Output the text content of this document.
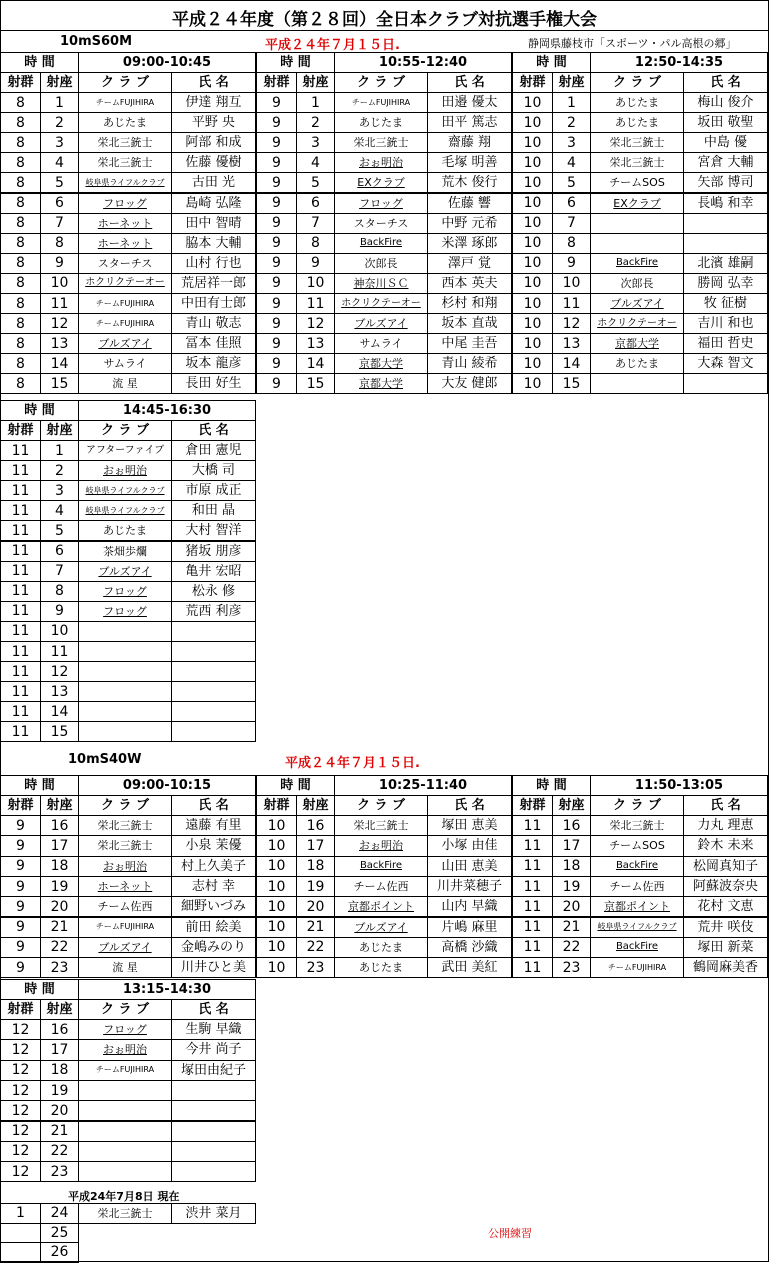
平成２４年度（第２８回）全日本クラブ対抗選手権大会
10mS60M	平成２４年７月１５日.	静岡県藤枝市「スポーツ・パル高根の郷」
10mS40W	平成２４年７月１５日.
平成24年7月8日 現在
公開練習
時 間	09:00-10:45
射群 射座	ク ラ ブ	氏 名
8	1	チームFUJIHIRA	伊達 翔互
8	2	あじたま	平野 央
8	3	栄北三銃士	阿部 和成
8	4	栄北三銃士	佐藤 優樹
8	5	岐阜県ライフルクラブ	古田 光
8	6	フロッグ	島崎 弘隆
8	7	ホーネット	田中 智晴
8	8	ホーネット	脇本 大輔
8	9	スターチス	山村 行也
8	10	ホクリクテーオー	荒居祥一郎
8	11	チームFUJIHIRA	中田有士郎
8	12	チームFUJIHIRA	青山 敬志
8	13	ブルズアイ	冨本 佳照
8	14	サムライ	坂本 龍彦
8	15	流 星	長田 好生
時 間	10:55-12:40
射群 射座	ク ラ ブ	氏 名
9	1	チームFUJIHIRA	田邉 優太
9	2	あじたま	田平 篤志
9	3	栄北三銃士	齋藤 翔
9	4	おぉ明治	毛塚 明善
9	5	EXクラブ	荒木 俊行
9	6	フロッグ	佐藤 響
9	7	スターチス	中野 元希
9	8	BackFire	米澤 琢郎
9	9	次郎長	澤戸 覚
9	10	神奈川ＳＣ	西本 英夫
9	11	ホクリクテーオー	杉村 和翔
9	12	ブルズアイ	坂本 直哉
9	13	サムライ	中尾 圭吾
9	14	京都大学	青山 綾希
9	15	京都大学	大友 健郎
時 間	12:50-14:35
射群 射座	ク ラ ブ	氏 名
10	1	あじたま	梅山 俊介
10	2	あじたま	坂田 敬聖
10	3	栄北三銃士	中島 優
10	4	栄北三銃士	宮倉 大輔
10	5	チームSOS	矢部 博司
10	6	EXクラブ	長嶋 和幸
10	7
10	8
10	9	BackFire	北濱 雄嗣
10	10	次郎長	勝岡 弘幸
10	11	ブルズアイ	牧 征樹
10	12	ホクリクテーオー	吉川 和也
10	13	京都大学	福田 哲史
10	14	あじたま	大森 智文
10	15
時 間	14:45-16:30
射群 射座	ク ラ ブ	氏 名
11	1	アフターファイブ	倉田 憲児
11	2	おぉ明治	大橋 司
11	3	岐阜県ライフルクラブ	市原 成正
11	4	岐阜県ライフルクラブ	和田 晶
11	5	あじたま	大村 智洋
11	6	茶畑歩爛	猪坂 朋彦
11	7	ブルズアイ	亀井 宏昭
11	8	フロッグ	松永 修
11	9	フロッグ	荒西 利彦
11	10
11	11
11	12
11	13
11	14
11	15
時 間	09:00-10:15
射群 射座	ク ラ ブ	氏 名
9	16	栄北三銃士	遠藤 有里
9	17	栄北三銃士	小泉 茉優
9	18	おぉ明治	村上久美子
9	19	ホーネット	志村 幸
9	20	チーム佐西	細野いづみ
9	21	チームFUJIHIRA	前田 絵美
9	22	ブルズアイ	金嶋みのり
9	23	流 星	川井ひと美
時 間	10:25-11:40
射群 射座	ク ラ ブ	氏 名
10	16	栄北三銃士	塚田 恵美
10	17	おぉ明治	小塚 由佳
10	18	BackFire	山田 恵美
10	19	チーム佐西	川井菜穂子
10	20	京都ポイント	山内 早織
10	21	ブルズアイ	片嶋 麻里
10	22	あじたま	高橋 沙織
10	23	あじたま	武田 美紅
時 間	11:50-13:05
射群 射座	ク ラ ブ	氏 名
11	16	栄北三銃士	力丸 理恵
11	17	チームSOS	鈴木 未来
11	18	BackFire	松岡真知子
11	19	チーム佐西	阿蘇波奈央
11	20	京都ポイント	花村 文恵
11	21	岐阜県ライフルクラブ	荒井 咲伎
11	22	BackFire	塚田 新菜
11	23	チームFUJIHIRA	鶴岡麻美香
時 間	13:15-14:30
射群 射座	ク ラ ブ	氏 名
12	16	フロッグ	生駒 早織
12	17	おぉ明治	今井 尚子
12	18	チームFUJIHIRA	塚田由紀子
12	19
12	20
12	21
12	22
12	23
1	24	栄北三銃士	渋井 菜月
25
26
